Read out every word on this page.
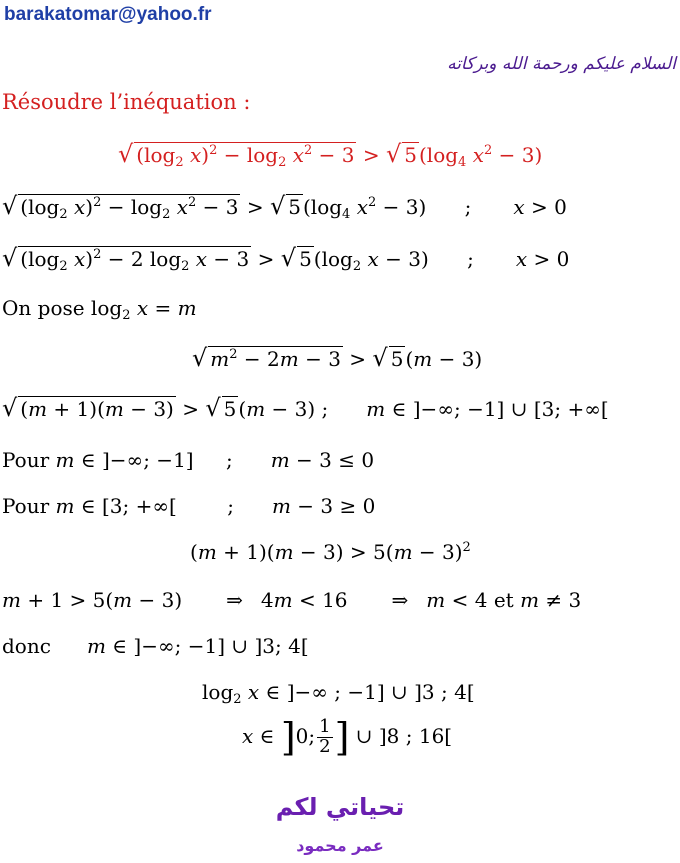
barakatomar@yahoo.fr
السلام عليكم ورحمة الله وبركاته
Résoudre l’inéquation :
√ ($\log_2$ $x)^2 - \log_2 x^2 - 3$ > √ 5 ($\log_4$ $x^2 - 3$)
√ ($\log_2$ $x)^2 - \log_2 x^2 - 3$ > √ 5 ($\log_4$ $x^2 - 3$) ; x > 0
√ ($\log_2$ x)$^2$ − 2 $\log_2 x - 3$ > √ 5 ($\log_2$ x − 3) ; x > 0
On pose $\log_2 x = m$
√ $m^2 - 2m - 3$ > √ 5 (m − 3)
√ (m + 1)(m − 3) > √ 5 (m − 3) ; m ∈ ]−∞; −1] ∪ [3; +∞[
Pour m ∈ ]−∞; −1] ; m − 3 ≤ 0
Pour m ∈ [3; +∞[ ; m − 3 ≥ 0
$(m + 1)(m - 3) > 5(m - 3)^2$
m + 1 > 5(m − 3) ⇒ 4m < 16 ⇒ m < 4 et m ≠ 3
donc m ∈ ]−∞; −1] ∪ ]3; 4[
$\log_2 x$ ∈ ]−∞ ; −1] ∪ ]3 ; 4[
x ∈ ]0; $\frac{1}{2}$ ] ∪ ]8 ; 16[
تحياتي لكم
عمر محمود
